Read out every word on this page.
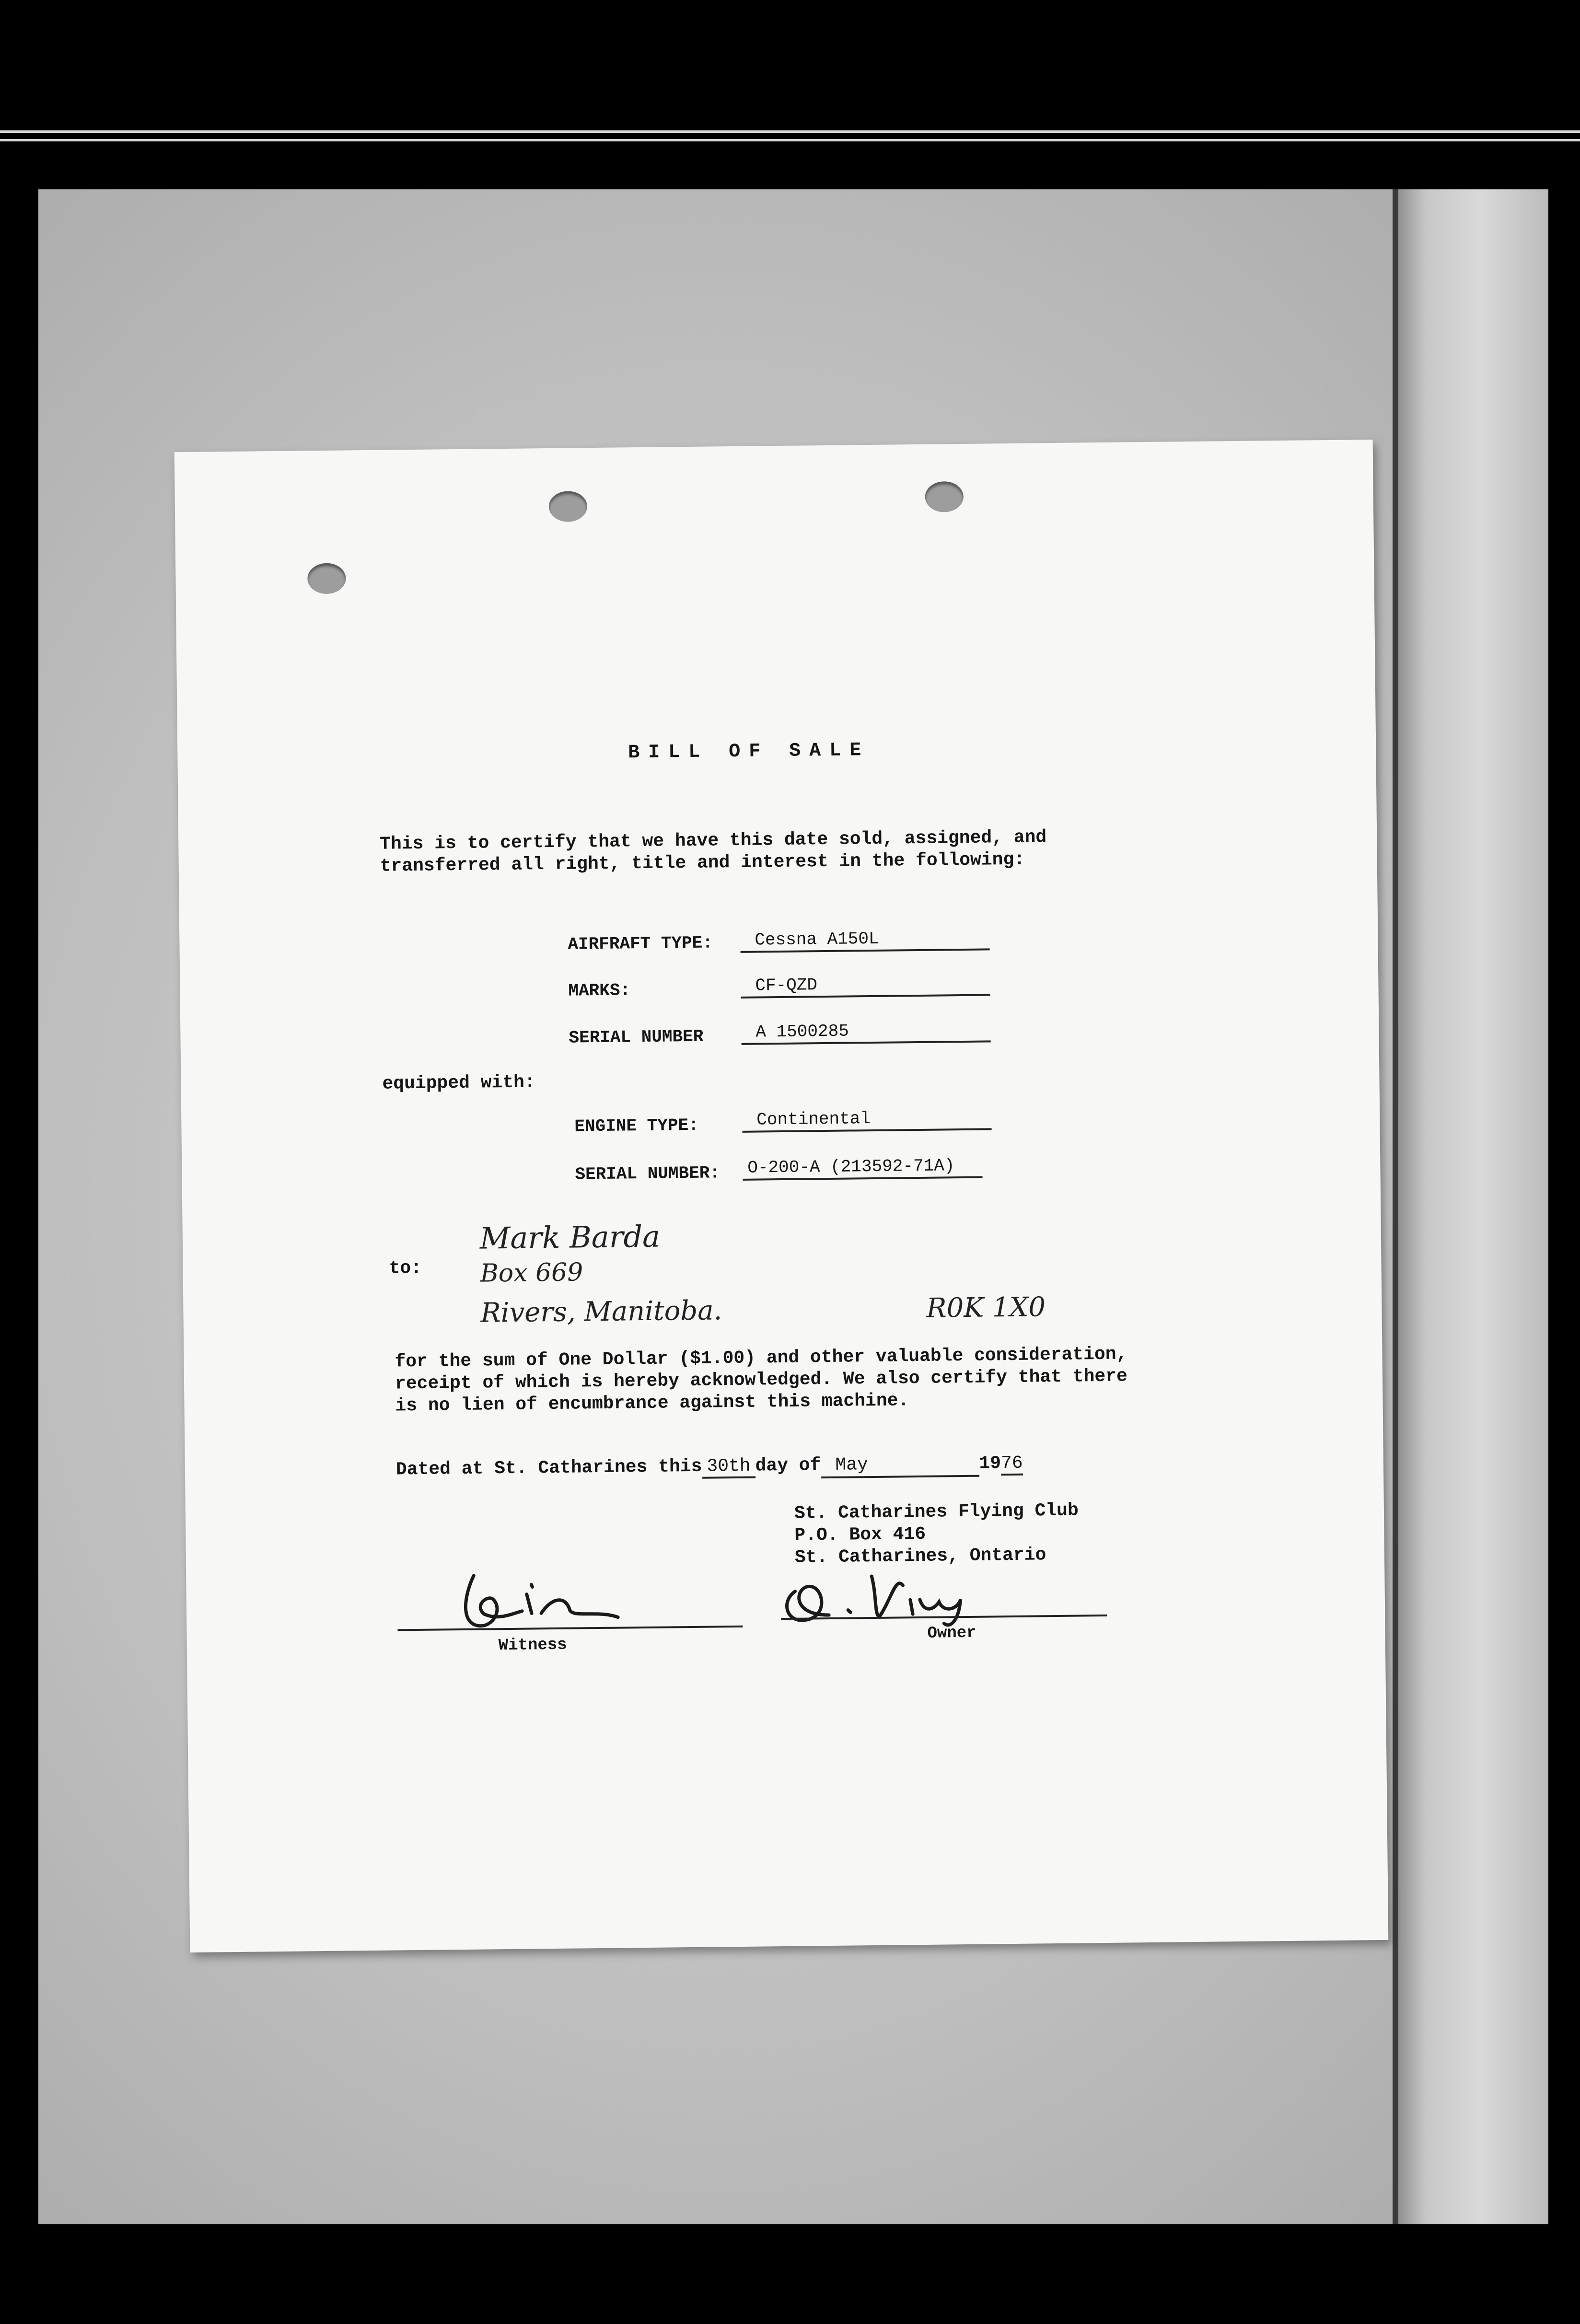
BILL OF SALE
This is to certify that we have this date sold, assigned, and
transferred all right, title and interest in the following:
AIRFRAFT TYPE:	Cessna A150L
MARKS:	CF-QZD
SERIAL NUMBER	A 1500285
equipped with:
ENGINE TYPE:	Continental
SERIAL NUMBER: O-200-A (213592-71A)
to:
Mark Barda
Box 669
Rivers, Manitoba.	R0K 1X0
for the sum of One Dollar ($1.00) and other valuable consideration,
receipt of which is hereby acknowledged. We also certify that there
is no lien of encumbrance against this machine.
Dated at St. Catharines this 30th day of May	1976
St. Catharines Flying Club
P.O. Box 416
St. Catharines, Ontario
Witness
Owner
